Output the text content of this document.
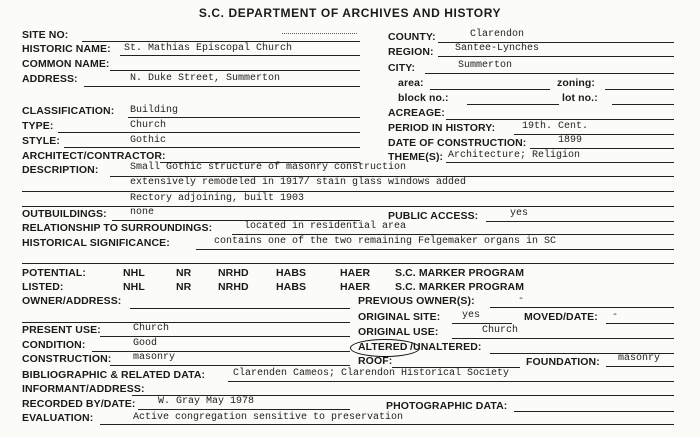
S.C. DEPARTMENT OF ARCHIVES AND HISTORY
SITE NO:
HISTORIC NAME: St. Mathias Episcopal Church
COMMON NAME:
ADDRESS:	N. Duke Street, Summerton
COUNTY:	Clarendon
REGION: Santee-Lynches
CITY:	Summerton
area:	zoning:
block no.:	lot no.:
CLASSIFICATION: Building
TYPE:	Church
STYLE:	Gothic
ARCHITECT/CONTRACTOR:
DESCRIPTION:	Small Gothic structure of masonry construction
extensively remodeled in 1917/ stain glass windows added
Rectory adjoining, built 1903
ACREAGE:
PERIOD IN HISTORY:	19th. Cent.
DATE OF CONSTRUCTION:	1899
THEME(S): Architecture; Religion
OUTBUILDINGS: none	PUBLIC ACCESS:	yes
RELATIONSHIP TO SURROUNDINGS:	located in residential area
HISTORICAL SIGNIFICANCE:	contains one of the two remaining Felgemaker organs in SC
POTENTIAL:	NHL	NR	NRHD	HABS	HAER S.C. MARKER PROGRAM
LISTED:	NHL	NR	NRHD	HABS	HAER S.C. MARKER PROGRAM
OWNER/ADDRESS:	PREVIOUS OWNER(S):	-
ORIGINAL SITE: yes	MOVED/DATE: -
PRESENT USE:	Church	ORIGINAL USE:	Church
CONDITION:	Good	ALTERED /UNALTERED:
CONSTRUCTION: masonry	ROOF:	FOUNDATION: masonry
BIBLIOGRAPHIC & RELATED DATA:	Clarenden Cameos; Clarendon Historical Society
INFORMANT/ADDRESS:
RECORDED BY/DATE: W. Gray May 1978	PHOTOGRAPHIC DATA:
EVALUATION:	Active congregation sensitive to preservation
